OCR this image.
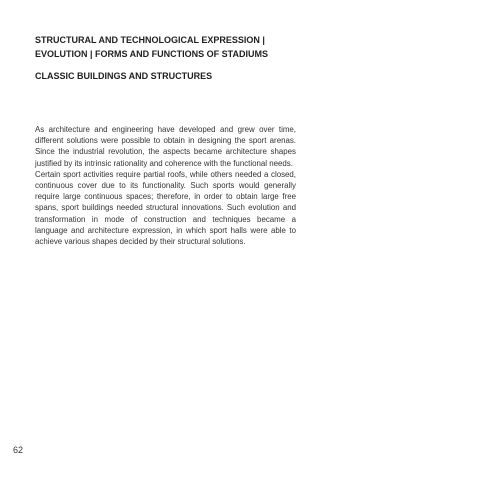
STRUCTURAL AND TECHNOLOGICAL EXPRESSION |
EVOLUTION | FORMS AND FUNCTIONS OF STADIUMS
CLASSIC BUILDINGS AND STRUCTURES

As architecture and engineering have developed and grew over time, different solutions were possible to obtain in designing the sport arenas. Since the industrial revolution, the aspects became architecture shapes justified by its intrinsic rationality and coherence with the functional needs.

Certain sport activities require partial roofs, while others needed a closed, continuous cover due to its functionality. Such sports would generally require large continuous spaces; therefore, in order to obtain large free spans, sport buildings needed structural innovations. Such evolution and transformation in mode of construction and techniques became a language and architecture expression, in which sport halls were able to achieve various shapes decided by their structural solutions.

62
